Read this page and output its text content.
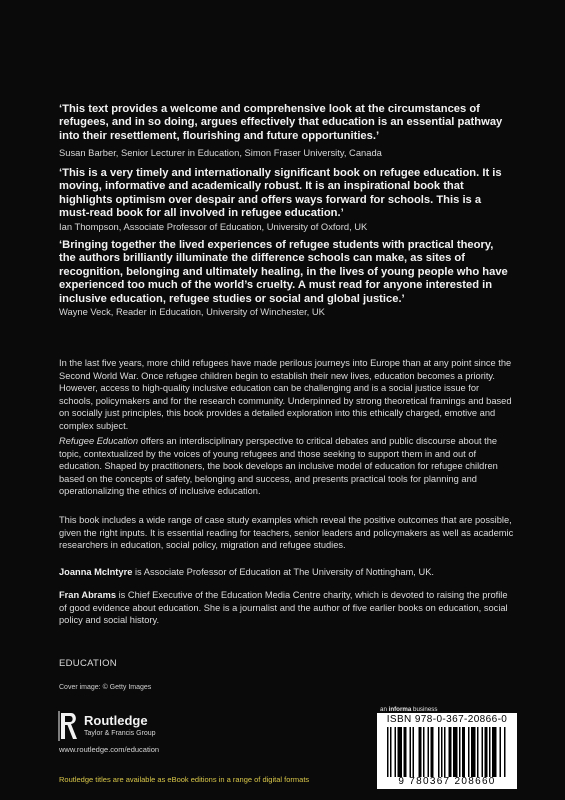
‘This text provides a welcome and comprehensive look at the circumstances of refugees, and in so doing, argues effectively that education is an essential pathway into their resettlement, flourishing and future opportunities.’
Susan Barber, Senior Lecturer in Education, Simon Fraser University, Canada
‘This is a very timely and internationally significant book on refugee education. It is moving, informative and academically robust. It is an inspirational book that highlights optimism over despair and offers ways forward for schools. This is a must-read book for all involved in refugee education.’
Ian Thompson, Associate Professor of Education, University of Oxford, UK
‘Bringing together the lived experiences of refugee students with practical theory, the authors brilliantly illuminate the difference schools can make, as sites of recognition, belonging and ultimately healing, in the lives of young people who have experienced too much of the world’s cruelty. A must read for anyone interested in inclusive education, refugee studies or social and global justice.’
Wayne Veck, Reader in Education, University of Winchester, UK

In the last five years, more child refugees have made perilous journeys into Europe than at any point since the Second World War. Once refugee children begin to establish their new lives, education becomes a priority. However, access to high-quality inclusive education can be challenging and is a social justice issue for schools, policymakers and for the research community. Underpinned by strong theoretical framings and based on socially just principles, this book provides a detailed exploration into this ethically charged, emotive and complex subject.

Refugee Education offers an interdisciplinary perspective to critical debates and public discourse about the topic, contextualized by the voices of young refugees and those seeking to support them in and out of education. Shaped by practitioners, the book develops an inclusive model of education for refugee children based on the concepts of safety, belonging and success, and presents practical tools for planning and operationalizing the ethics of inclusive education.

This book includes a wide range of case study examples which reveal the positive outcomes that are possible, given the right inputs. It is essential reading for teachers, senior leaders and policymakers as well as academic researchers in education, social policy, migration and refugee studies.

Joanna McIntyre is Associate Professor of Education at The University of Nottingham, UK.
Fran Abrams is Chief Executive of the Education Media Centre charity, which is devoted to raising the profile of good evidence about education. She is a journalist and the author of five earlier books on education, social policy and social history.
EDUCATION
Cover image: © Getty Images
Routledge
Taylor & Francis Group
www.routledge.com/education
Routledge titles are available as eBook editions in a range of digital formats
an informa business
ISBN 978-0-367-20866-0
9 780367 208660
